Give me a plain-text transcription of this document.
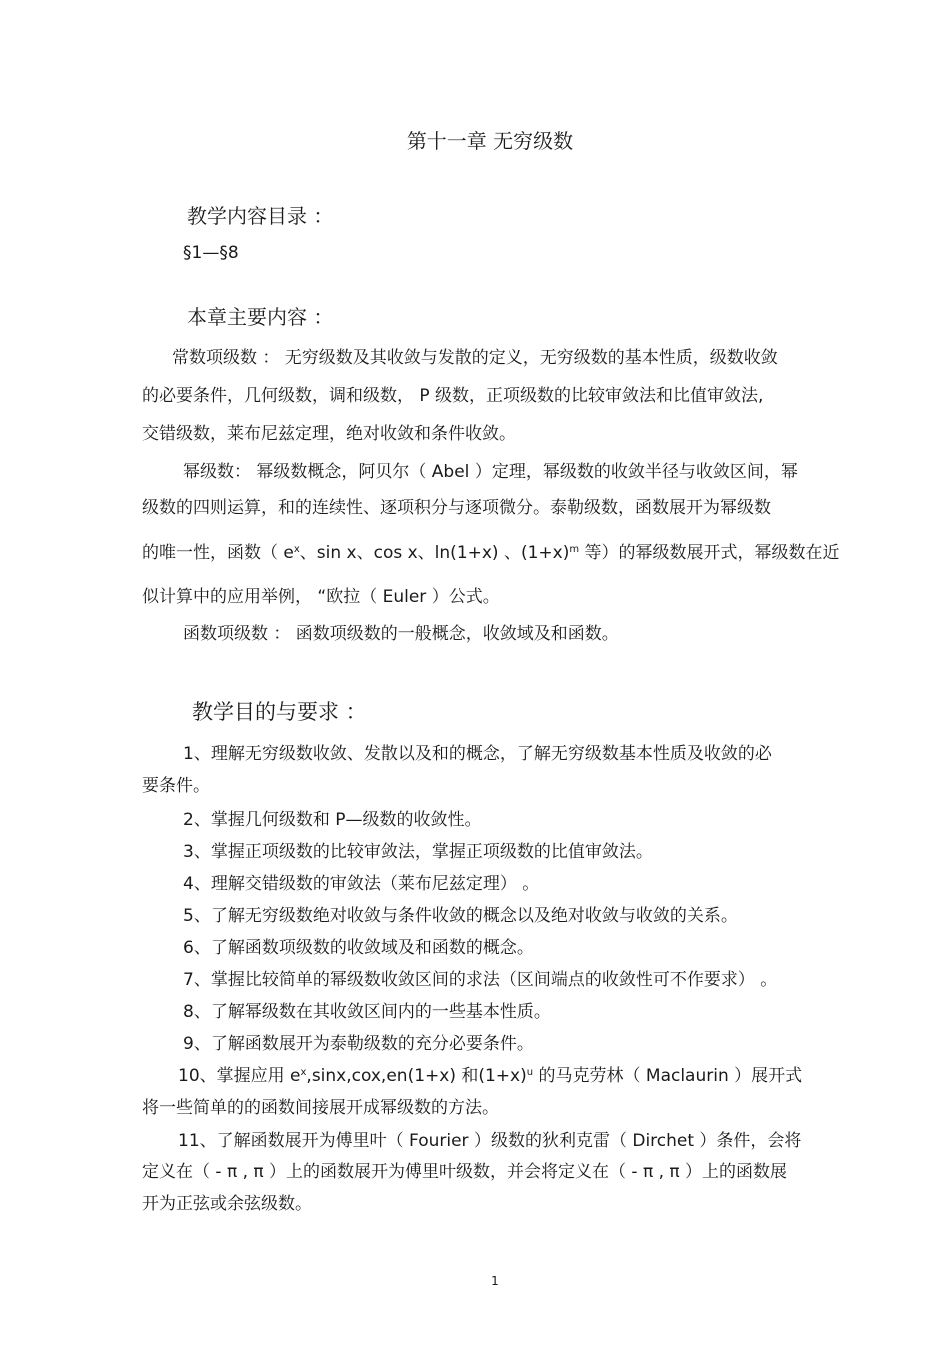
第十一章 无穷级数
教学内容目录 ：
§1—§8
本章主要内容 ：
常数项级数 ： 无穷级数及其收敛与发散的定义，无穷级数的基本性质，级数收敛
的必要条件，几何级数，调和级数， P 级数，正项级数的比较审敛法和比值审敛法,
交错级数，莱布尼兹定理，绝对收敛和条件收敛。
幂级数： 幂级数概念，阿贝尔（ Abel ）定理，幂级数的收敛半径与收敛区间，幂
级数的四则运算，和的连续性、逐项积分与逐项微分。泰勒级数，函数展开为幂级数
的唯一性，函数（ $e^x$、sin x、cos x、ln(1+x) 、$(1+x)^m$ 等）的幂级数展开式，幂级数在近
似计算中的应用举例， “欧拉（ Euler ）公式。
函数项级数 ： 函数项级数的一般概念，收敛域及和函数。
教学目的与要求 ：
1、理解无穷级数收敛、发散以及和的概念，了解无穷级数基本性质及收敛的必
要条件。
2、掌握几何级数和 P—级数的收敛性。
3、掌握正项级数的比较审敛法，掌握正项级数的比值审敛法。
4、理解交错级数的审敛法（莱布尼兹定理） 。
5、了解无穷级数绝对收敛与条件收敛的概念以及绝对收敛与收敛的关系。
6、了解函数项级数的收敛域及和函数的概念。
7、掌握比较简单的幂级数收敛区间的求法（区间端点的收敛性可不作要求） 。
8、了解幂级数在其收敛区间内的一些基本性质。
9、了解函数展开为泰勒级数的充分必要条件。
10、掌握应用 $e^x,\sin x,cox,en(1+x)$ 和$(1+x)^u$ 的马克劳林（ Maclaurin ）展开式
将一些简单的的函数间接展开成幂级数的方法。
11、了解函数展开为傅里叶（ Fourier ）级数的狄利克雷（ Dirchet ）条件，会将
定义在（ - π , π ）上的函数展开为傅里叶级数，并会将定义在（ - π , π ）上的函数展
开为正弦或余弦级数。
1
